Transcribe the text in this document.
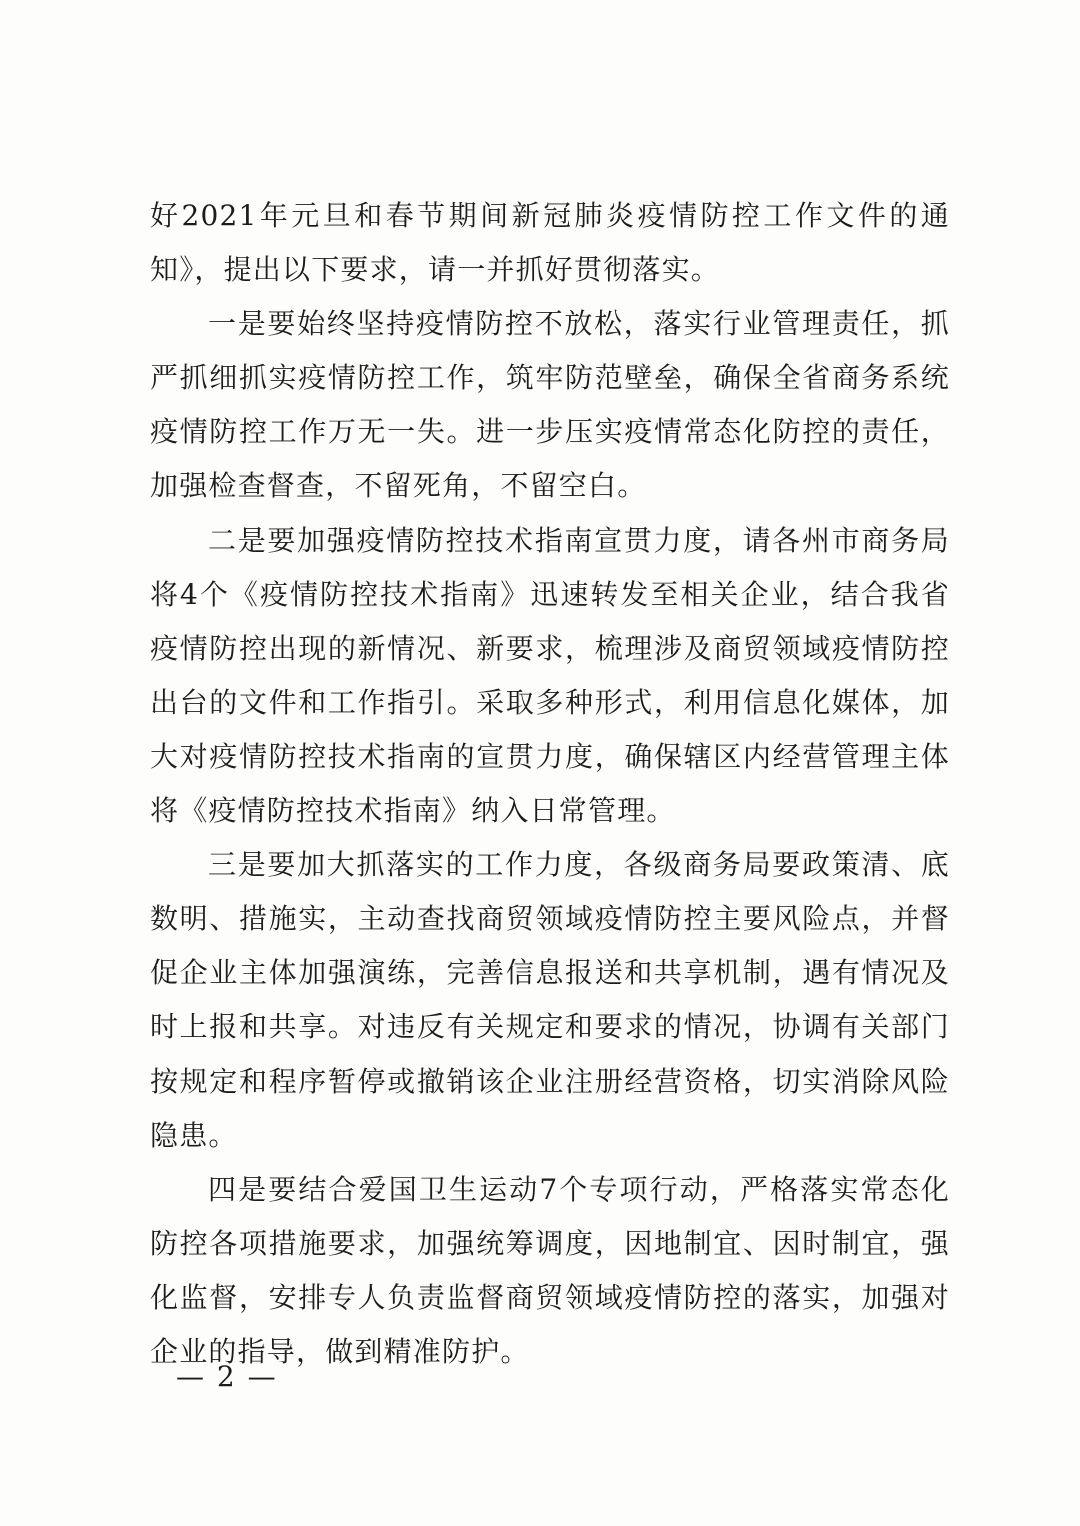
好2021年元旦和春节期间新冠肺炎疫情防控工作文件的通知》，提出以下要求，请一并抓好贯彻落实。

一是要始终坚持疫情防控不放松，落实行业管理责任，抓严抓细抓实疫情防控工作，筑牢防范壁垒，确保全省商务系统疫情防控工作万无一失。进一步压实疫情常态化防控的责任，加强检查督查，不留死角，不留空白。

二是要加强疫情防控技术指南宣贯力度，请各州市商务局将4个《疫情防控技术指南》迅速转发至相关企业，结合我省疫情防控出现的新情况、新要求，梳理涉及商贸领域疫情防控出台的文件和工作指引。采取多种形式，利用信息化媒体，加大对疫情防控技术指南的宣贯力度，确保辖区内经营管理主体将《疫情防控技术指南》纳入日常管理。

三是要加大抓落实的工作力度，各级商务局要政策清、底数明、措施实，主动查找商贸领域疫情防控主要风险点，并督促企业主体加强演练，完善信息报送和共享机制，遇有情况及时上报和共享。对违反有关规定和要求的情况，协调有关部门按规定和程序暂停或撤销该企业注册经营资格，切实消除风险隐患。

四是要结合爱国卫生运动7个专项行动，严格落实常态化防控各项措施要求，加强统筹调度，因地制宜、因时制宜，强化监督，安排专人负责监督商贸领域疫情防控的落实，加强对企业的指导，做到精准防护。

— 2 —
